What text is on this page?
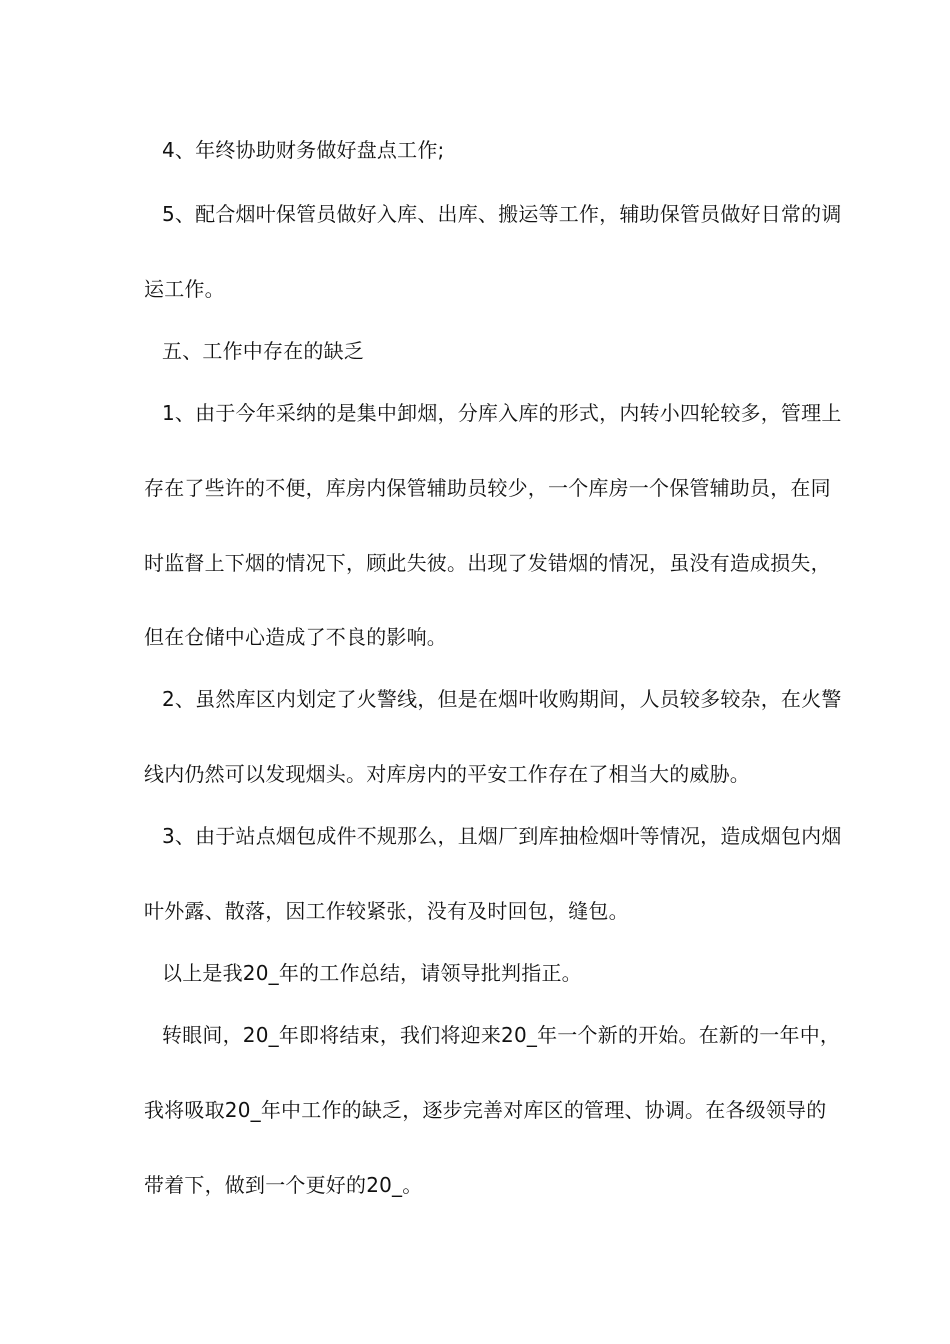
4、年终协助财务做好盘点工作;
5、配合烟叶保管员做好入库、出库、搬运等工作，辅助保管员做好日常的调
运工作。
五、工作中存在的缺乏
1、由于今年采纳的是集中卸烟，分库入库的形式，内转小四轮较多，管理上
存在了些许的不便，库房内保管辅助员较少，一个库房一个保管辅助员，在同
时监督上下烟的情况下，顾此失彼。出现了发错烟的情况，虽没有造成损失，
但在仓储中心造成了不良的影响。
2、虽然库区内划定了火警线，但是在烟叶收购期间，人员较多较杂，在火警
线内仍然可以发现烟头。对库房内的平安工作存在了相当大的威胁。
3、由于站点烟包成件不规那么，且烟厂到库抽检烟叶等情况，造成烟包内烟
叶外露、散落，因工作较紧张，没有及时回包，缝包。
以上是我20_年的工作总结，请领导批判指正。
转眼间，20_年即将结束，我们将迎来20_年一个新的开始。在新的一年中，
我将吸取20_年中工作的缺乏，逐步完善对库区的管理、协调。在各级领导的
带着下，做到一个更好的20_。
